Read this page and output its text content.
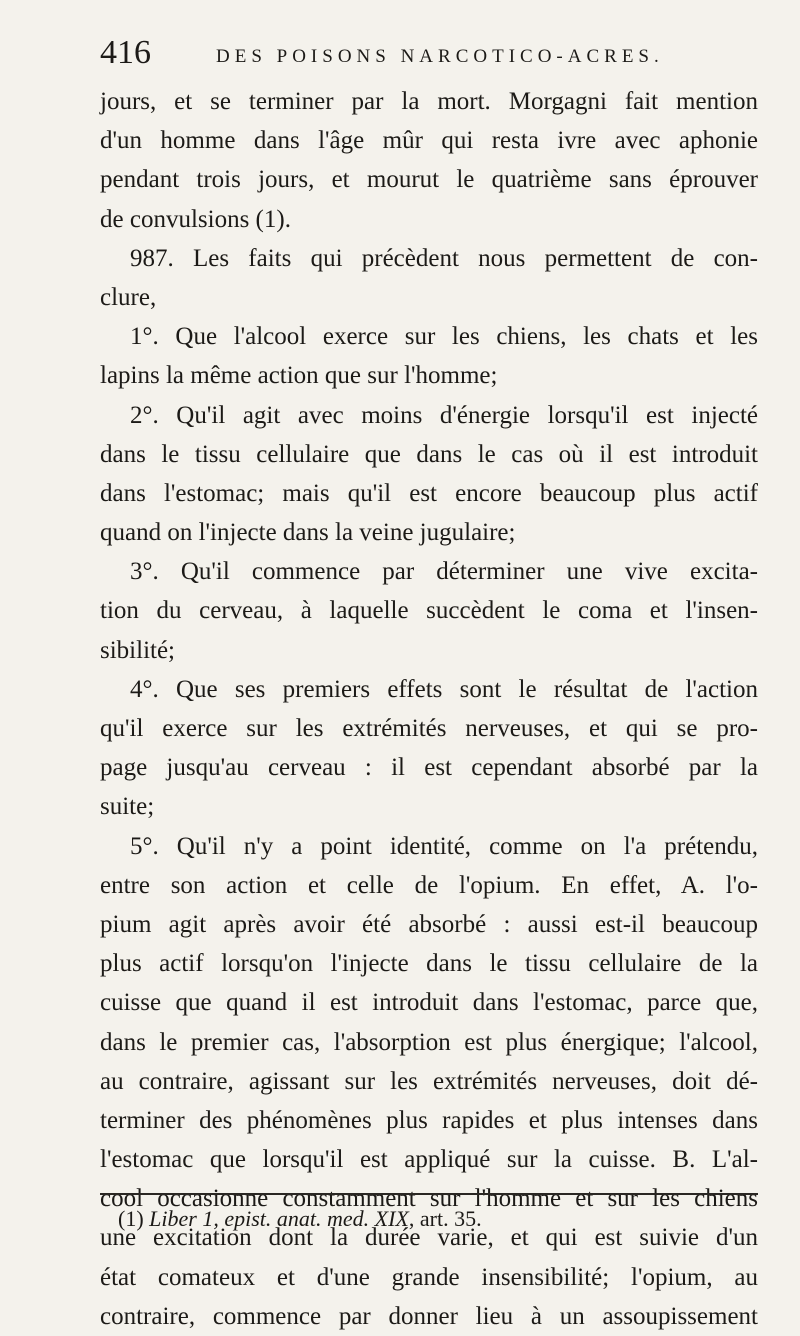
416	DES POISONS NARCOTICO-ACRES.
jours, et se terminer par la mort. Morgagni fait mention
d'un homme dans l'âge mûr qui resta ivre avec aphonie
pendant trois jours, et mourut le quatrième sans éprouver
de convulsions (1).
987. Les faits qui précèdent nous permettent de con-
clure,
1°. Que l'alcool exerce sur les chiens, les chats et les
lapins la même action que sur l'homme;
2°. Qu'il agit avec moins d'énergie lorsqu'il est injecté
dans le tissu cellulaire que dans le cas où il est introduit
dans l'estomac; mais qu'il est encore beaucoup plus actif
quand on l'injecte dans la veine jugulaire;
3°. Qu'il commence par déterminer une vive excita-
tion du cerveau, à laquelle succèdent le coma et l'insen-
sibilité;
4°. Que ses premiers effets sont le résultat de l'action
qu'il exerce sur les extrémités nerveuses, et qui se pro-
page jusqu'au cerveau : il est cependant absorbé par la
suite;
5°. Qu'il n'y a point identité, comme on l'a prétendu,
entre son action et celle de l'opium. En effet, A. l'o-
pium agit après avoir été absorbé : aussi est-il beaucoup
plus actif lorsqu'on l'injecte dans le tissu cellulaire de la
cuisse que quand il est introduit dans l'estomac, parce que,
dans le premier cas, l'absorption est plus énergique; l'alcool,
au contraire, agissant sur les extrémités nerveuses, doit dé-
terminer des phénomènes plus rapides et plus intenses dans
l'estomac que lorsqu'il est appliqué sur la cuisse. B. L'al-
cool occasionne constamment sur l'homme et sur les chiens
une excitation dont la durée varie, et qui est suivie d'un
état comateux et d'une grande insensibilité; l'opium, au
contraire, commence par donner lieu à un assoupissement
(1) Liber 1, epist. anat. med. XIX, art. 35.
